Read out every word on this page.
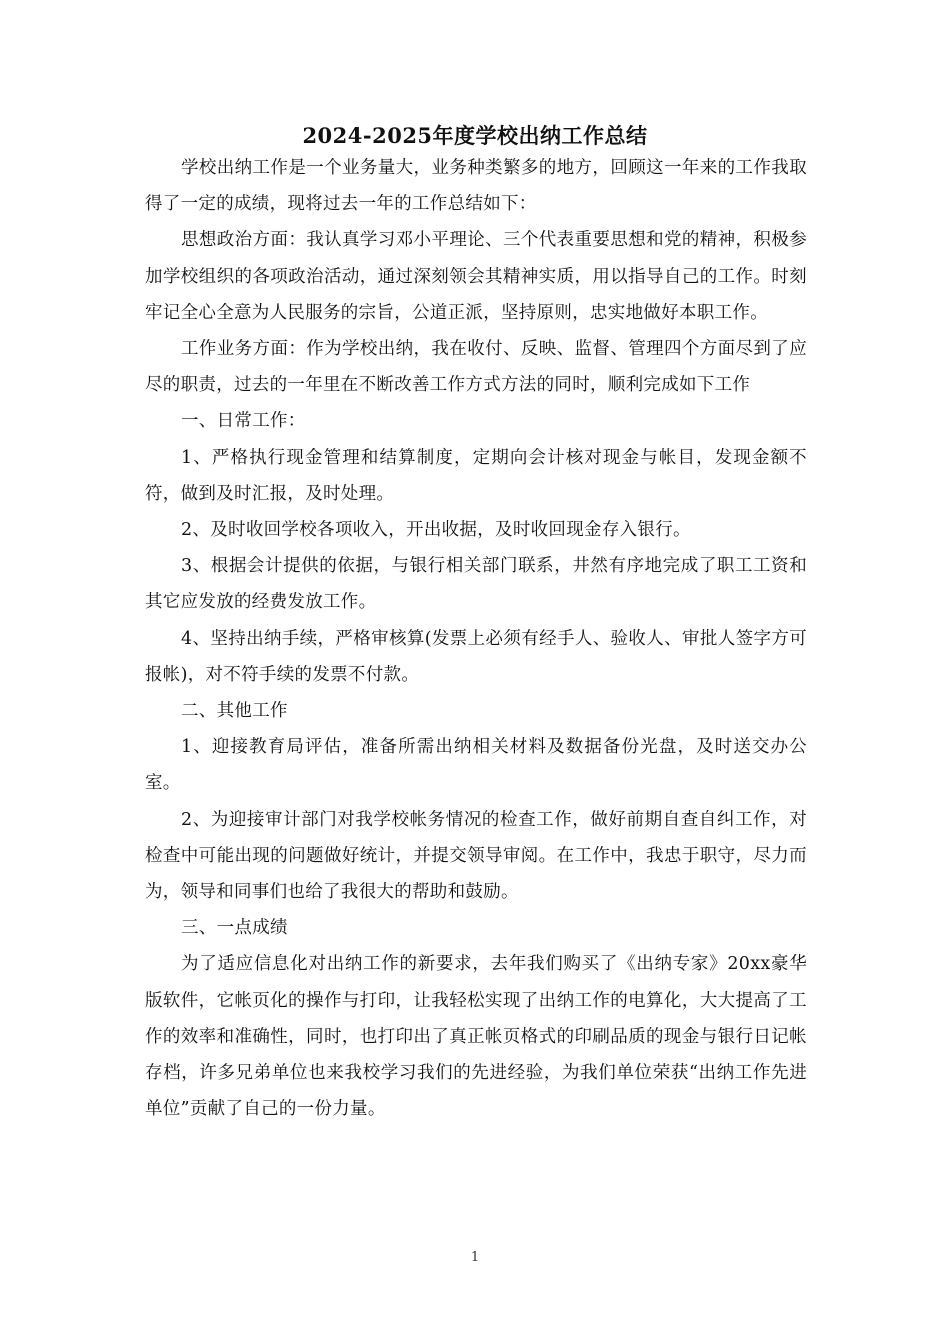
2024-2025年度学校出纳工作总结

学校出纳工作是一个业务量大，业务种类繁多的地方，回顾这一年来的工作我取得了一定的成绩，现将过去一年的工作总结如下：

思想政治方面：我认真学习邓小平理论、三个代表重要思想和党的精神，积极参加学校组织的各项政治活动，通过深刻领会其精神实质，用以指导自己的工作。时刻牢记全心全意为人民服务的宗旨，公道正派，坚持原则，忠实地做好本职工作。

工作业务方面：作为学校出纳，我在收付、反映、监督、管理四个方面尽到了应尽的职责，过去的一年里在不断改善工作方式方法的同时，顺利完成如下工作

一、日常工作：

1、严格执行现金管理和结算制度，定期向会计核对现金与帐目，发现金额不符，做到及时汇报，及时处理。

2、及时收回学校各项收入，开出收据，及时收回现金存入银行。

3、根据会计提供的依据，与银行相关部门联系，井然有序地完成了职工工资和其它应发放的经费发放工作。

4、坚持出纳手续，严格审核算(发票上必须有经手人、验收人、审批人签字方可报帐)，对不符手续的发票不付款。

二、其他工作

1、迎接教育局评估，准备所需出纳相关材料及数据备份光盘，及时送交办公室。

2、为迎接审计部门对我学校帐务情况的检查工作，做好前期自查自纠工作，对检查中可能出现的问题做好统计，并提交领导审阅。在工作中，我忠于职守，尽力而为，领导和同事们也给了我很大的帮助和鼓励。

三、一点成绩

为了适应信息化对出纳工作的新要求，去年我们购买了《出纳专家》20xx豪华版软件，它帐页化的操作与打印，让我轻松实现了出纳工作的电算化，大大提高了工作的效率和准确性，同时，也打印出了真正帐页格式的印刷品质的现金与银行日记帐存档，许多兄弟单位也来我校学习我们的先进经验，为我们单位荣获“出纳工作先进单位”贡献了自己的一份力量。

1
